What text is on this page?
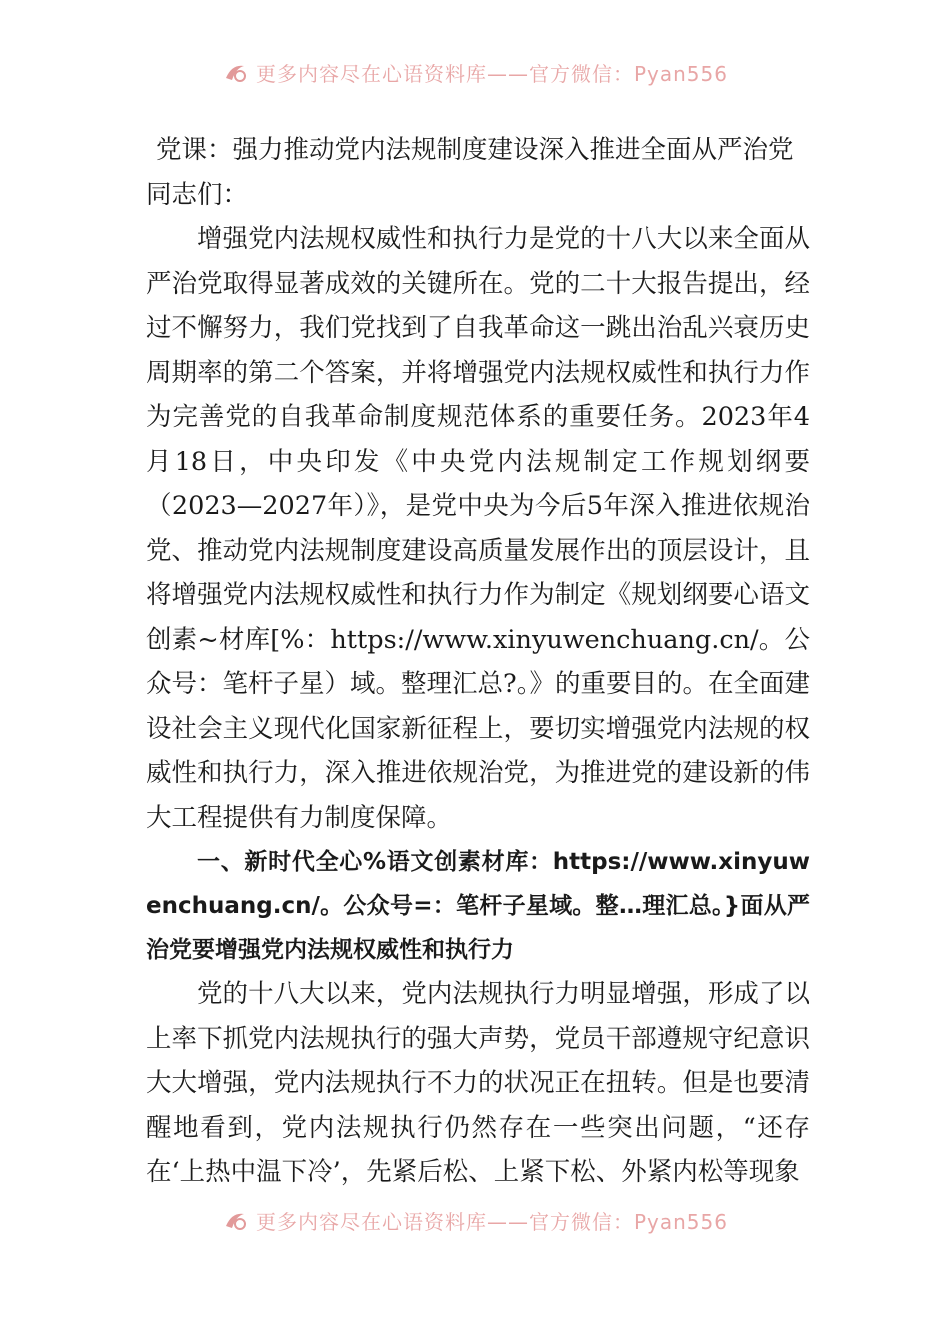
更多内容尽在心语资料库——官方微信：Pyan556
党课：强力推动党内法规制度建设深入推进全面从严治党
同志们：

增强党内法规权威性和执行力是党的十八大以来全面从严治党取得显著成效的关键所在。党的二十大报告提出，经过不懈努力，我们党找到了自我革命这一跳出治乱兴衰历史周期率的第二个答案，并将增强党内法规权威性和执行力作为完善党的自我革命制度规范体系的重要任务。2023年4月18日，中央印发《中央党内法规制定工作规划纲要（2023—2027年）》，是党中央为今后5年深入推进依规治党、推动党内法规制度建设高质量发展作出的顶层设计，且将增强党内法规权威性和执行力作为制定《规划纲要心语文创素~材库[%：https://www.xinyuwenchuang.cn/。公众号：笔杆子星）域。整理汇总?。》的重要目的。在全面建设社会主义现代化国家新征程上，要切实增强党内法规的权威性和执行力，深入推进依规治党，为推进党的建设新的伟大工程提供有力制度保障。

一、新时代全心%语文创素材库：https://www.xinyuwenchuang.cn/。公众号=：笔杆子星域。整…理汇总。}面从严治党要增强党内法规权威性和执行力

党的十八大以来，党内法规执行力明显增强，形成了以上率下抓党内法规执行的强大声势，党员干部遵规守纪意识大大增强，党内法规执行不力的状况正在扭转。但是也要清醒地看到，党内法规执行仍然存在一些突出问题，“还存在‘上热中温下冷’，先紧后松、上紧下松、外紧内松等现象

更多内容尽在心语资料库——官方微信：Pyan556
